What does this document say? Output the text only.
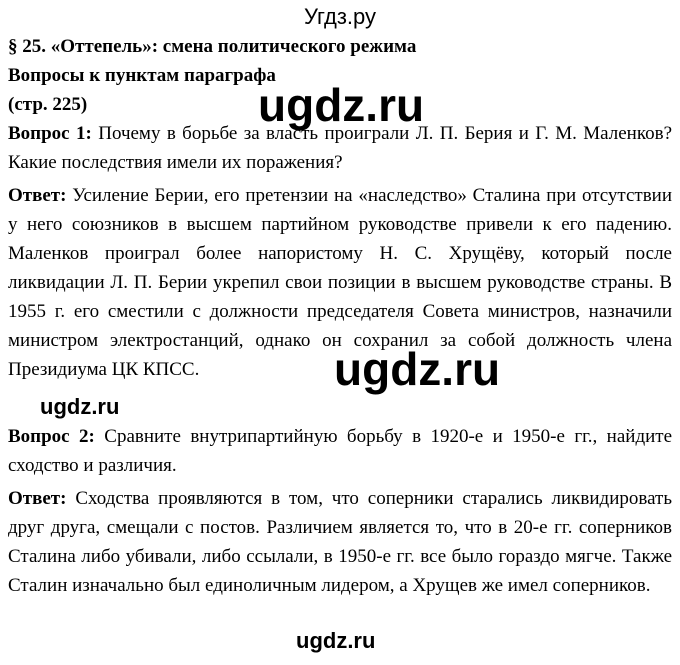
Угдз.ру

§ 25. «Оттепель»: смена политического режима

Вопросы к пунктам параграфа

(стр. 225)

Вопрос 1: Почему в борьбе за власть проиграли Л. П. Берия и Г. М. Маленков? Какие последствия имели их поражения?

Ответ: Усиление Берии, его претензии на «наследство» Сталина при отсутствии у него союзников в высшем партийном руководстве привели к его падению. Маленков проиграл более напористому Н. С. Хрущёву, который после ликвидации Л. П. Берии укрепил свои позиции в высшем руководстве страны. В 1955 г. его сместили с должности председателя Совета министров, назначили министром электростанций, однако он сохранил за собой должность члена Президиума ЦК КПСС.

Вопрос 2: Сравните внутрипартийную борьбу в 1920-е и 1950-е гг., найдите сходство и различия.

Ответ: Сходства проявляются в том, что соперники старались ликвидировать друг друга, смещали с постов. Различием является то, что в 20-е гг. соперников Сталина либо убивали, либо ссылали, в 1950-е гг. все было гораздо мягче. Также Сталин изначально был единоличным лидером, а Хрущев же имел соперников.

ugdz.ru
ugdz.ru
ugdz.ru
ugdz.ru
